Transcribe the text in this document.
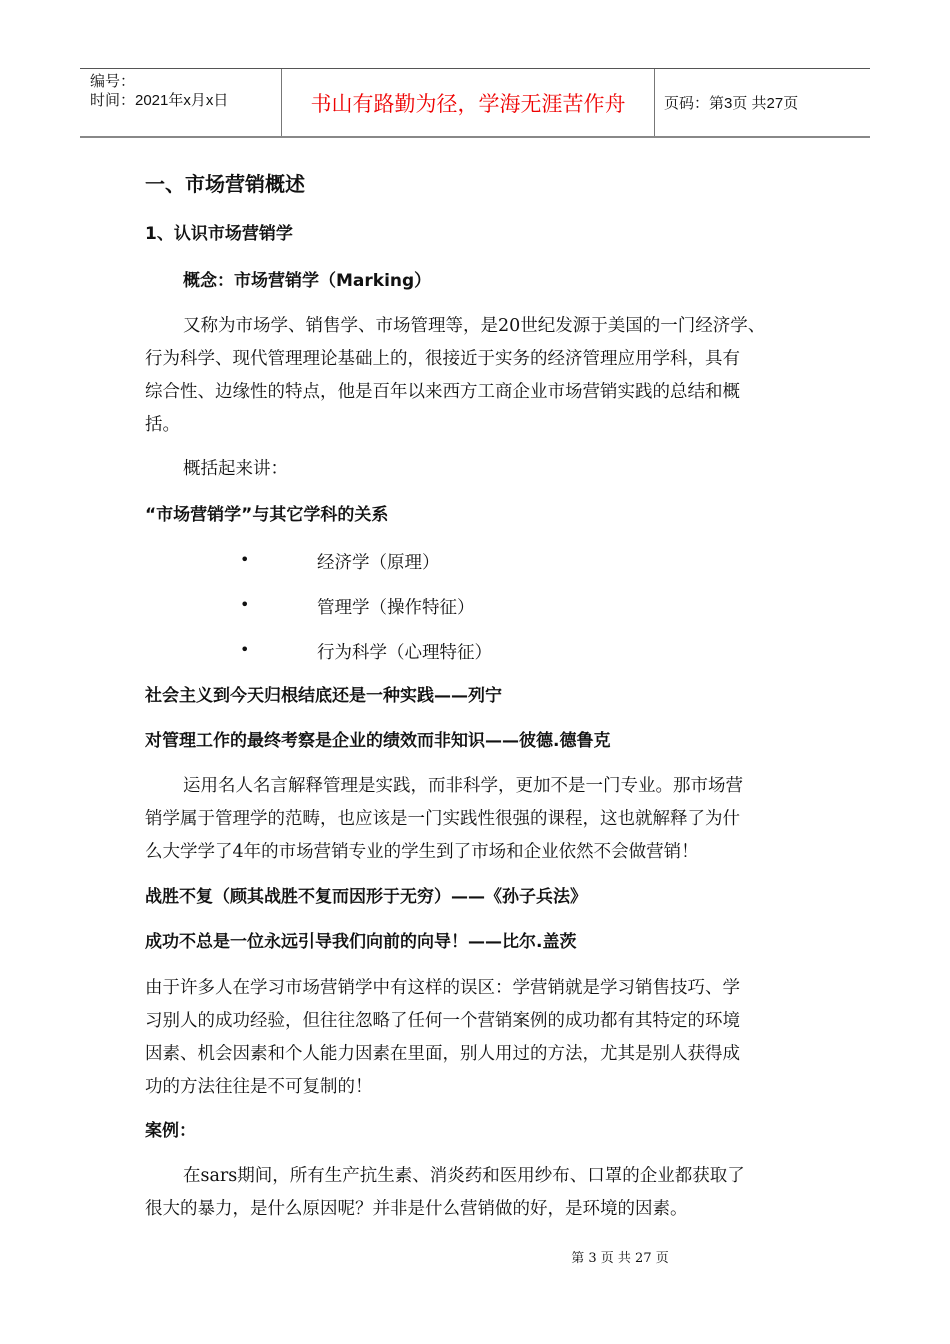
编号：
时间：2021年x月x日	书山有路勤为径，学海无涯苦作舟	页码：第3页 共27页
一、市场营销概述
1、认识市场营销学
概念：市场营销学（Marking）
又称为市场学、销售学、市场管理等，是20世纪发源于美国的一门经济学、
行为科学、现代管理理论基础上的，很接近于实务的经济管理应用学科，具有
综合性、边缘性的特点，他是百年以来西方工商企业市场营销实践的总结和概
括。
概括起来讲：
“市场营销学”与其它学科的关系
•	经济学（原理）
•	管理学（操作特征）
•	行为科学（心理特征）
社会主义到今天归根结底还是一种实践——列宁
对管理工作的最终考察是企业的绩效而非知识——彼德.德鲁克
运用名人名言解释管理是实践，而非科学，更加不是一门专业。那市场营
销学属于管理学的范畴，也应该是一门实践性很强的课程，这也就解释了为什
么大学学了4年的市场营销专业的学生到了市场和企业依然不会做营销！
战胜不复（顾其战胜不复而因形于无穷）——《孙子兵法》
成功不总是一位永远引导我们向前的向导！——比尔.盖茨
由于许多人在学习市场营销学中有这样的误区：学营销就是学习销售技巧、学
习别人的成功经验，但往往忽略了任何一个营销案例的成功都有其特定的环境
因素、机会因素和个人能力因素在里面，别人用过的方法，尤其是别人获得成
功的方法往往是不可复制的！
案例：
在sars期间，所有生产抗生素、消炎药和医用纱布、口罩的企业都获取了
很大的暴力，是什么原因呢？并非是什么营销做的好，是环境的因素。
第 3 页 共 27 页
